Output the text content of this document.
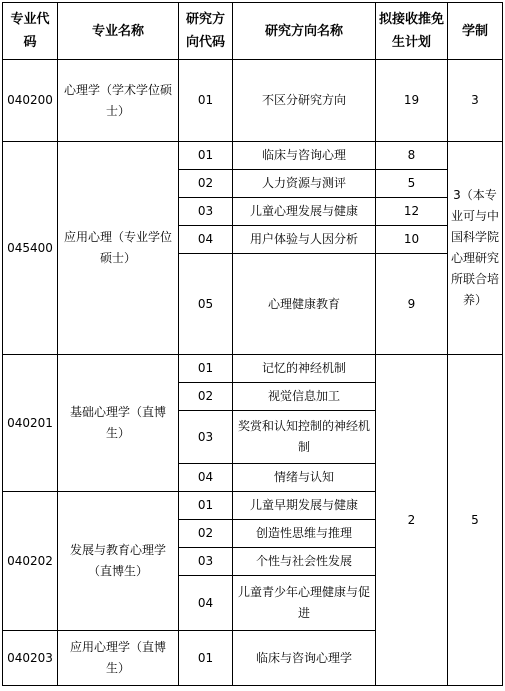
专业代码	专业名称	研究方向代码	研究方向名称	拟接收推免生计划	学制
040200	心理学（学术学位硕士）	01	不区分研究方向	19	3
045400	应用心理（专业学位硕士）	01	临床与咨询心理	8	3（本专业可与中国科学院心理研究所联合培养）
		02	人力资源与测评	5	
		03	儿童心理发展与健康	12	
		04	用户体验与人因分析	10	
		05	心理健康教育	9	
040201	基础心理学（直博生）	01	记忆的神经机制	2	5
		02	视觉信息加工		
		03	奖赏和认知控制的神经机制		
		04	情绪与认知		
040202	发展与教育心理学（直博生）	01	儿童早期发展与健康		
		02	创造性思维与推理		
		03	个性与社会性发展		
		04	儿童青少年心理健康与促进		
040203	应用心理学（直博生）	01	临床与咨询心理学		
